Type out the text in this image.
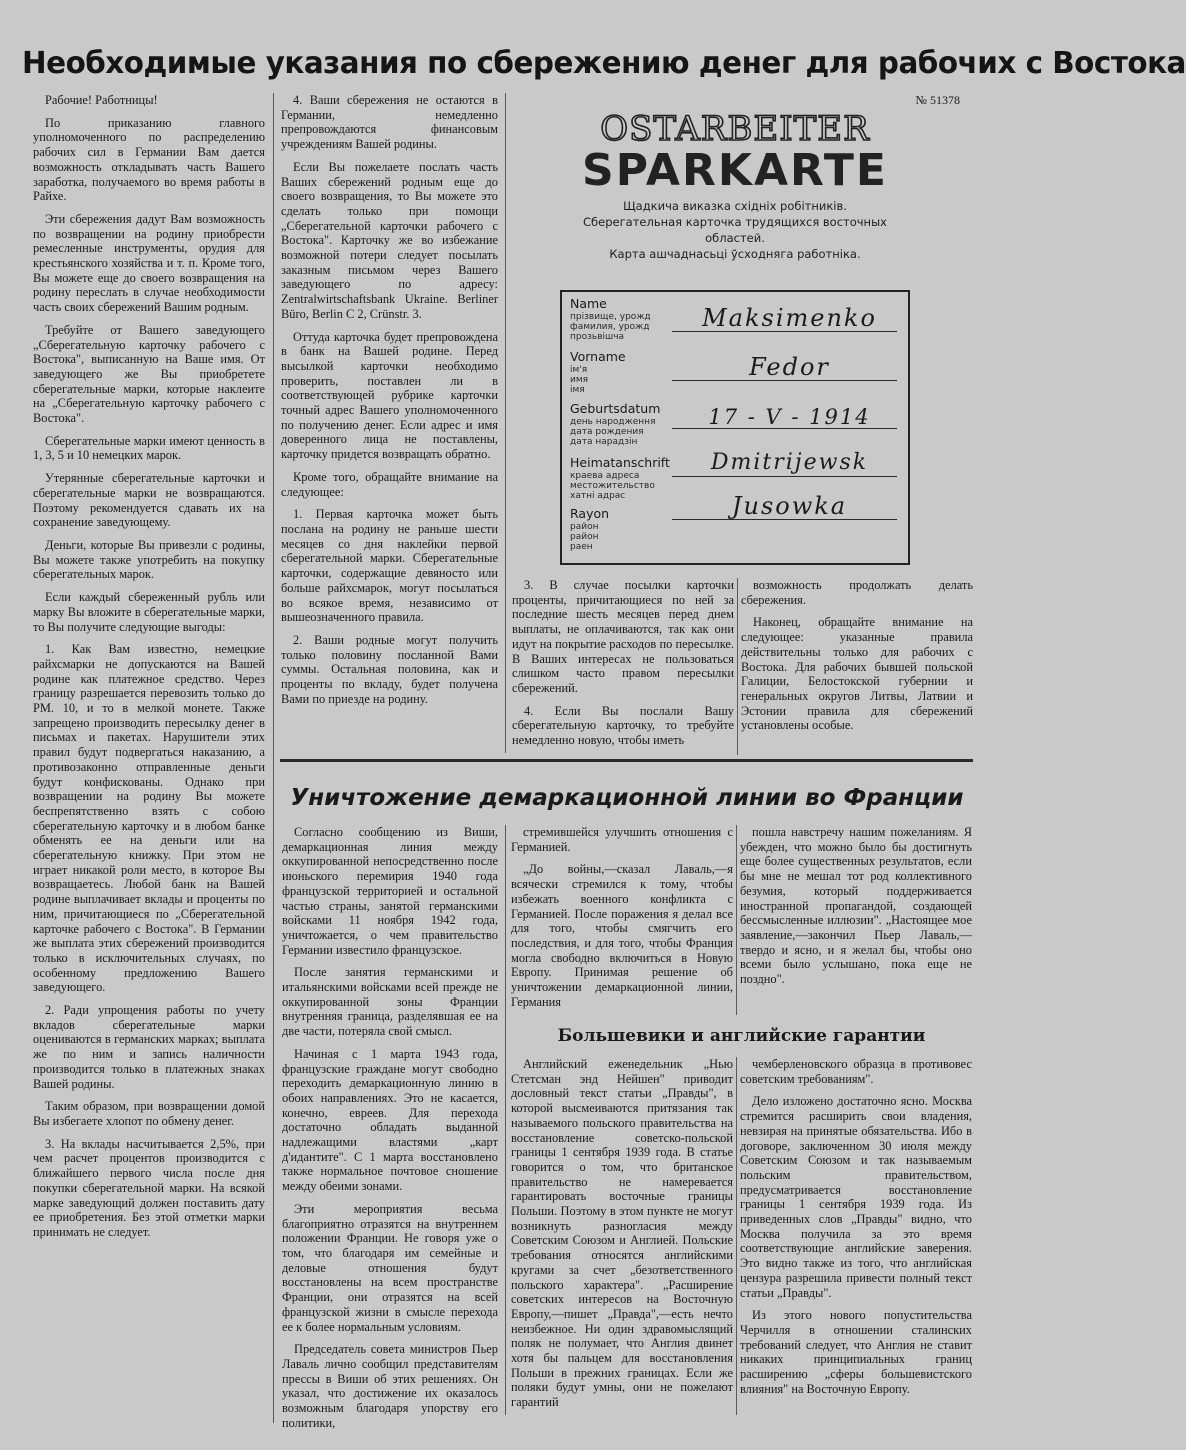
Необходимые указания по сбережению денег для рабочих с Востока

Рабочие! Работницы!

По приказанию главного уполномоченного по распределению рабочих сил в Германии Вам дается возможность откладывать часть Вашего заработка, получаемого во время работы в Райхе.

Эти сбережения дадут Вам возможность по возвращении на родину приобрести ремесленные инструменты, орудия для крестьянского хозяйства и т. п. Кроме того, Вы можете еще до своего возвращения на родину переслать в случае необходимости часть своих сбережений Вашим родным.

Требуйте от Вашего заведующего „Сберегательную карточку рабочего с Востока", выписанную на Ваше имя. От заведующего же Вы приобретете сберегательные марки, которые наклеите на „Сберегательную карточку рабочего с Востока".

Сберегательные марки имеют ценность в 1, 3, 5 и 10 немецких марок.

Утерянные сберегательные карточки и сберегательные марки не возвращаются. Поэтому рекомендуется сдавать их на сохранение заведующему.

Деньги, которые Вы привезли с родины, Вы можете также употребить на покупку сберегательных марок.

Если каждый сбереженный рубль или марку Вы вложите в сберегательные марки, то Вы получите следующие выгоды:

1. Как Вам известно, немецкие райхсмарки не допускаются на Вашей родине как платежное средство. Через границу разрешается перевозить только до РМ. 10, и то в мелкой монете. Также запрещено производить пересылку денег в письмах и пакетах. Нарушители этих правил будут подвергаться наказанию, а противозаконно отправленные деньги будут конфискованы. Однако при возвращении на родину Вы можете беспрепятственно взять с собою сберегательную карточку и в любом банке обменять ее на деньги или на сберегательную книжку. При этом не играет никакой роли место, в которое Вы возвращаетесь. Любой банк на Вашей родине выплачивает вклады и проценты по ним, причитающиеся по „Сберегательной карточке рабочего с Востока". В Германии же выплата этих сбережений производится только в исключительных случаях, по особенному предложению Вашего заведующего.

2. Ради упрощения работы по учету вкладов сберегательные марки оцениваются в германских марках; выплата же по ним и запись наличности производится только в платежных знаках Вашей родины.

Таким образом, при возвращении домой Вы избегаете хлопот по обмену денег.

3. На вклады насчитывается 2,5%, при чем расчет процентов производится с ближайшего первого числа после дня покупки сберегательной марки. На всякой марке заведующий должен поставить дату ее приобретения. Без этой отметки марки принимать не следует.

4. Ваши сбережения не остаются в Германии, немедленно препровождаются финансовым учреждениям Вашей родины.

Если Вы пожелаете послать часть Ваших сбережений родным еще до своего возвращения, то Вы можете это сделать только при помощи „Сберегательной карточки рабочего с Востока". Карточку же во избежание возможной потери следует посылать заказным письмом через Вашего заведующего по адресу: Zentralwirtschaftsbank Ukraine. Berliner Büro, Berlin C 2, Crünstr. 3.

Оттуда карточка будет препровождена в банк на Вашей родине. Перед высылкой карточки необходимо проверить, поставлен ли в соответствующей рубрике карточки точный адрес Вашего уполномоченного по получению денег. Если адрес и имя доверенного лица не поставлены, карточку придется возвращать обратно.

Кроме того, обращайте внимание на следующее:

1. Первая карточка может быть послана на родину не раньше шести месяцев со дня наклейки первой сберегательной марки. Сберегательные карточки, содержащие девяносто или больше райхсмарок, могут посылаться во всякое время, независимо от вышеозначенного правила.

2. Ваши родные могут получить только половину посланной Вами суммы. Остальная половина, как и проценты по вкладу, будет получена Вами по приезде на родину.

№ 51378
OSTARBEITER
SPARKARTE
Щадкича виказка східніх робітників.
Сберегательная карточка трудящихся восточных
областей.
Карта ашчаднасьці ўсходняга работніка.
Name
прізвище, урожд
фамилия, урожд
прозьвішча
Maksimenko
Vorname
ім'я
имя
імя
Fedor
Geburtsdatum
день народження
дата рождения
дата нарадзін
17 - V - 1914
Heimatanschrift
краева адреса
местожительство
хатні адрас
Dmitrijewsk
Rayon
район
район
раен
Jusowka

3. В случае посылки карточки проценты, причитающиеся по ней за последние шесть месяцев перед днем выплаты, не оплачиваются, так как они идут на покрытие расходов по пересылке. В Ваших интересах не пользоваться слишком часто правом пересылки сбережений.

4. Если Вы послали Вашу сберегательную карточку, то требуйте немедленно новую, чтобы иметь

возможность продолжать делать сбережения.

Наконец, обращайте внимание на следующее: указанные правила действительны только для рабочих с Востока. Для рабочих бывшей польской Галиции, Белостокской губернии и генеральных округов Литвы, Латвии и Эстонии правила для сбережений установлены особые.

Уничтожение демаркационной линии во Франции

Согласно сообщению из Виши, демаркационная линия между оккупированной непосредственно после июньского перемирия 1940 года французской территорией и остальной частью страны, занятой германскими войсками 11 ноября 1942 года, уничтожается, о чем правительство Германии известило французское.

После занятия германскими и итальянскими войсками всей прежде не оккупированной зоны Франции внутренняя граница, разделявшая ее на две части, потеряла свой смысл.

Начиная с 1 марта 1943 года, французские граждане могут свободно переходить демаркационную линию в обоих направлениях. Это не касается, конечно, евреев. Для перехода достаточно обладать выданной надлежащими властями „карт д'идантите". С 1 марта восстановлено также нормальное почтовое сношение между обеими зонами.

Эти мероприятия весьма благоприятно отразятся на внутреннем положении Франции. Не говоря уже о том, что благодаря им семейные и деловые отношения будут восстановлены на всем пространстве Франции, они отразятся на всей французской жизни в смысле перехода ее к более нормальным условиям.

Председатель совета министров Пьер Лаваль лично сообщил представителям прессы в Виши об этих решениях. Он указал, что достижение их оказалось возможным благодаря упорству его политики,

стремившейся улучшить отношения с Германией.

„До войны,—сказал Лаваль,—я всячески стремился к тому, чтобы избежать военного конфликта с Германией. После поражения я делал все для того, чтобы смягчить его последствия, и для того, чтобы Франция могла свободно включиться в Новую Европу. Принимая решение об уничтожении демаркационной линии, Германия

пошла навстречу нашим пожеланиям. Я убежден, что можно было бы достигнуть еще более существенных результатов, если бы мне не мешал тот род коллективного безумия, который поддерживается иностранной пропагандой, создающей бессмысленные иллюзии". „Настоящее мое заявление,—закончил Пьер Лаваль,—твердо и ясно, и я желал бы, чтобы оно всеми было услышано, пока еще не поздно".

Большевики и английские гарантии

Английский еженедельник „Нью Стетсман энд Нейшен" приводит дословный текст статьи „Правды", в которой высмеиваются притязания так называемого польского правительства на восстановление советско-польской границы 1 сентября 1939 года. В статье говорится о том, что британское правительство не намеревается гарантировать восточные границы Польши. Поэтому в этом пункте не могут возникнуть разногласия между Советским Союзом и Англией. Польские требования относятся английскими кругами за счет „безответственного польского характера". „Расширение советских интересов на Восточную Европу,—пишет „Правда",—есть нечто неизбежное. Ни один здравомыслящий поляк не полумает, что Англия двинет хотя бы пальцем для восстановления Польши в прежних границах. Если же поляки будут умны, они не пожелают гарантий

чемберленовского образца в противовес советским требованиям".

Дело изложено достаточно ясно. Москва стремится расширить свои владения, невзирая на принятые обязательства. Ибо в договоре, заключенном 30 июля между Советским Союзом и так называемым польским правительством, предусматривается восстановление границы 1 сентября 1939 года. Из приведенных слов „Правды" видно, что Москва получила за это время соответствующие английские заверения. Это видно также из того, что английская цензура разрешила привести полный текст статьи „Правды".

Из этого нового попустительства Черчилля в отношении сталинских требований следует, что Англия не ставит никаких принципиальных границ расширению „сферы большевистского влияния" на Восточную Европу.
